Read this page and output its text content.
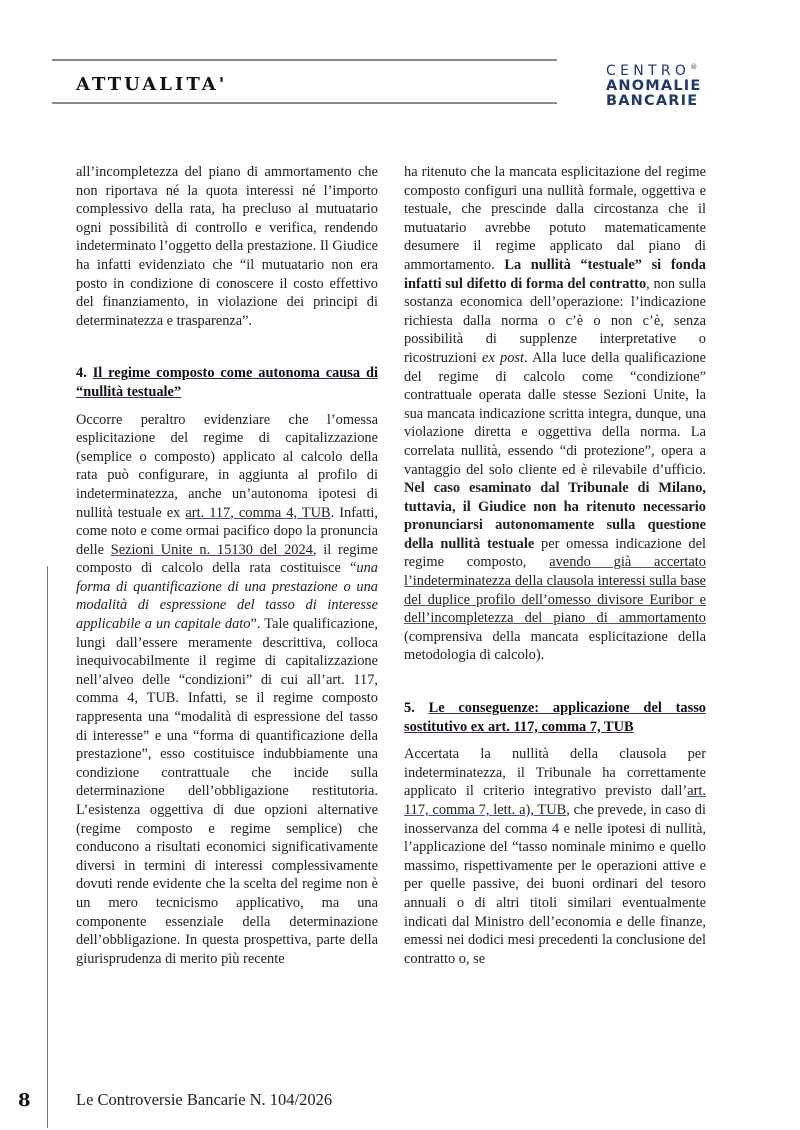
ATTUALITA'
CENTRO®
ANOMALIE
BANCARIE

all’incompletezza del piano di ammortamento che non riportava né la quota interessi né l’importo complessivo della rata, ha precluso al mutuatario ogni possibilità di controllo e verifica, rendendo indeterminato l’oggetto della prestazione. Il Giudice ha infatti evidenziato che “il mutuatario non era posto in condizione di conoscere il costo effettivo del finanziamento, in violazione dei principi di determinatezza e trasparenza”.

4. Il regime composto come autonoma causa di “nullità testuale”

Occorre peraltro evidenziare che l’omessa esplicitazione del regime di capitalizzazione (semplice o composto) applicato al calcolo della rata può configurare, in aggiunta al profilo di indeterminatezza, anche un’autonoma ipotesi di nullità testuale ex art. 117, comma 4, TUB. Infatti, come noto e come ormai pacifico dopo la pronuncia delle Sezioni Unite n. 15130 del 2024, il regime composto di calcolo della rata costituisce “una forma di quantificazione di una prestazione o una modalità di espressione del tasso di interesse applicabile a un capitale dato”. Tale qualificazione, lungi dall’essere meramente descrittiva, colloca inequivocabilmente il regime di capitalizzazione nell’alveo delle “condizioni” di cui all’art. 117, comma 4, TUB. Infatti, se il regime composto rappresenta una “modalità di espressione del tasso di interesse” e una “forma di quantificazione della prestazione”, esso costituisce indubbiamente una condizione contrattuale che incide sulla determinazione dell’obbligazione restitutoria. L’esistenza oggettiva di due opzioni alternative (regime composto e regime semplice) che conducono a risultati economici significativamente diversi in termini di interessi complessivamente dovuti rende evidente che la scelta del regime non è un mero tecnicismo applicativo, ma una componente essenziale della determinazione dell’obbligazione. In questa prospettiva, parte della giurisprudenza di merito più recente

ha ritenuto che la mancata esplicitazione del regime composto configuri una nullità formale, oggettiva e testuale, che prescinde dalla circostanza che il mutuatario avrebbe potuto matematicamente desumere il regime applicato dal piano di ammortamento. La nullità “testuale” si fonda infatti sul difetto di forma del contratto, non sulla sostanza economica dell’operazione: l’indicazione richiesta dalla norma o c’è o non c’è, senza possibilità di supplenze interpretative o ricostruzioni ex post. Alla luce della qualificazione del regime di calcolo come “condizione” contrattuale operata dalle stesse Sezioni Unite, la sua mancata indicazione scritta integra, dunque, una violazione diretta e oggettiva della norma. La correlata nullità, essendo “di protezione”, opera a vantaggio del solo cliente ed è rilevabile d’ufficio. Nel caso esaminato dal Tribunale di Milano, tuttavia, il Giudice non ha ritenuto necessario pronunciarsi autonomamente sulla questione della nullità testuale per omessa indicazione del regime composto, avendo già accertato l’indeterminatezza della clausola interessi sulla base del duplice profilo dell’omesso divisore Euribor e dell’incompletezza del piano di ammortamento (comprensiva della mancata esplicitazione della metodologia di calcolo).

5. Le conseguenze: applicazione del tasso sostitutivo ex art. 117, comma 7, TUB

Accertata la nullità della clausola per indeterminatezza, il Tribunale ha correttamente applicato il criterio integrativo previsto dall’art. 117, comma 7, lett. a), TUB, che prevede, in caso di inosservanza del comma 4 e nelle ipotesi di nullità, l’applicazione del “tasso nominale minimo e quello massimo, rispettivamente per le operazioni attive e per quelle passive, dei buoni ordinari del tesoro annuali o di altri titoli similari eventualmente indicati dal Ministro dell’economia e delle finanze, emessi nei dodici mesi precedenti la conclusione del contratto o, se

8	Le Controversie Bancarie N. 104/2026
